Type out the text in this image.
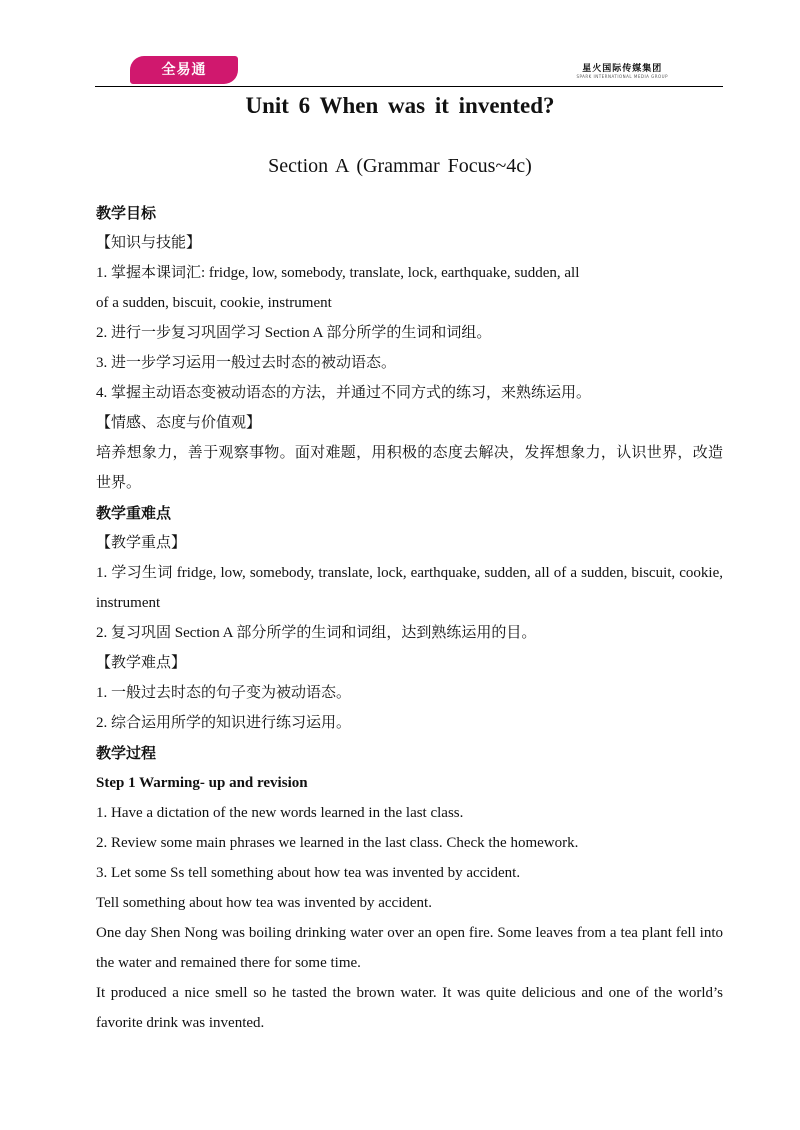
全易通	星火国际传媒集团
SPARK INTERNATIONAL MEDIA GROUP
Unit 6 When was it invented?
Section A (Grammar Focus~4c)
教学目标
【知识与技能】
1. 掌握本课词汇: fridge, low, somebody, translate, lock, earthquake, sudden, all
of a sudden, biscuit, cookie, instrument
2. 进行一步复习巩固学习 Section A 部分所学的生词和词组。
3. 进一步学习运用一般过去时态的被动语态。
4. 掌握主动语态变被动语态的方法，并通过不同方式的练习，来熟练运用。
【情感、态度与价值观】
培养想象力，善于观察事物。面对难题，用积极的态度去解决，发挥想象力，认识世界，改造世界。
教学重难点
【教学重点】
1. 学习生词 fridge, low, somebody, translate, lock, earthquake, sudden, all of a sudden, biscuit, cookie, instrument
2. 复习巩固 Section A 部分所学的生词和词组，达到熟练运用的目。
【教学难点】
1. 一般过去时态的句子变为被动语态。
2. 综合运用所学的知识进行练习运用。
教学过程
Step 1 Warming- up and revision
1. Have a dictation of the new words learned in the last class.
2. Review some main phrases we learned in the last class. Check the homework.
3. Let some Ss tell something about how tea was invented by accident.
Tell something about how tea was invented by accident.
One day Shen Nong was boiling drinking water over an open fire. Some leaves from a tea plant fell into the water and remained there for some time.
It produced a nice smell so he tasted the brown water. It was quite delicious and one of the world’s favorite drink was invented.
